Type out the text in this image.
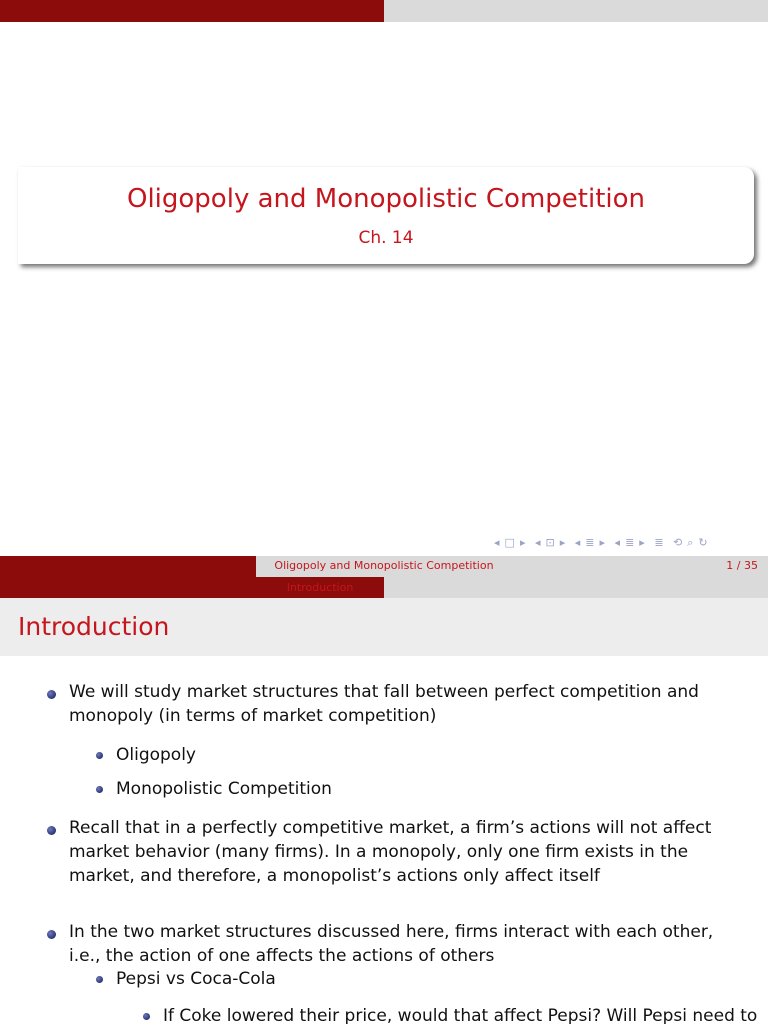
Oligopoly and Monopolistic Competition
Ch. 14
◂ □ ▸ ◂ ⊡ ▸ ◂ ≣ ▸ ◂ ≣ ▸ ≣ ⟲ ⌕ ↻
Oligopoly and Monopolistic Competition	1 / 35
Introduction
Introduction
We will study market structures that fall between perfect competition and monopoly (in terms of market competition)
Oligopoly
Monopolistic Competition
Recall that in a perfectly competitive market, a firm’s actions will not affect market behavior (many firms). In a monopoly, only one firm exists in the market, and therefore, a monopolist’s actions only affect itself
In the two market structures discussed here, firms interact with each other, i.e., the action of one affects the actions of others
Pepsi vs Coca-Cola
If Coke lowered their price, would that affect Pepsi? Will Pepsi need to
